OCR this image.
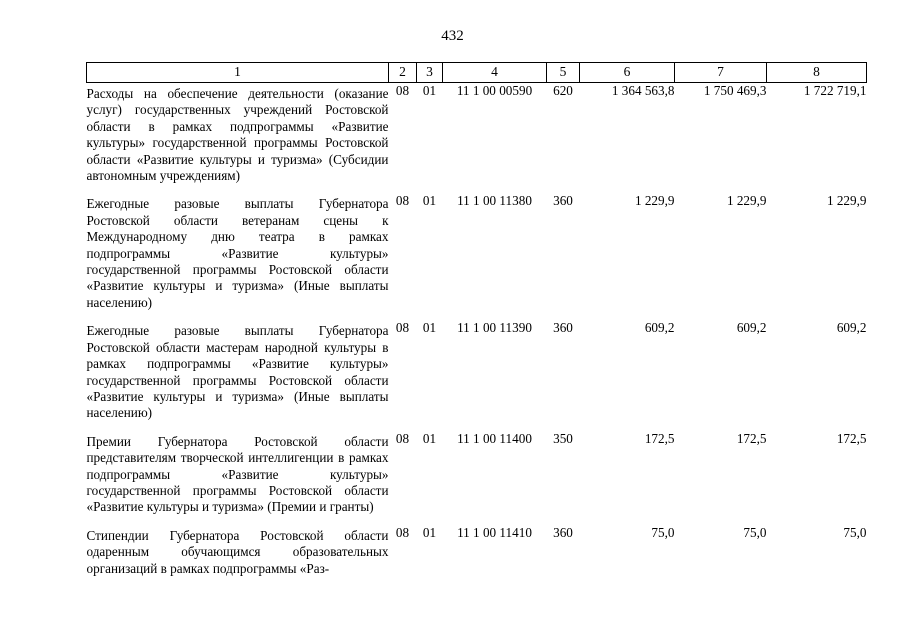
432
1	2	3	4	5	6	7	8

Расходы на обеспечение деятельности (оказание услуг) государственных учреждений Ростовской области в рамках подпрограммы «Развитие культуры» государственной программы Ростовской области «Развитие культуры и туризма» (Субсидии автономным учреждениям)	08	01	11 1 00 00590	620	1 364 563,8	1 750 469,3	1 722 719,1

Ежегодные разовые выплаты Губернатора Ростовской области ветеранам сцены к Международному дню театра в рамках подпрограммы «Развитие культуры» государственной программы Ростовской области «Развитие культуры и туризма» (Иные выплаты населению)	08	01	11 1 00 11380	360	1 229,9	1 229,9	1 229,9

Ежегодные разовые выплаты Губернатора Ростовской области мастерам народной культуры в рамках подпрограммы «Развитие культуры» государственной программы Ростовской области «Развитие культуры и туризма» (Иные выплаты населению)	08	01	11 1 00 11390	360	609,2	609,2	609,2

Премии Губернатора Ростовской области представителям творческой интеллигенции в рамках подпрограммы «Развитие культуры» государственной программы Ростовской области «Развитие культуры и туризма» (Премии и гранты)	08	01	11 1 00 11400	350	172,5	172,5	172,5

Стипендии Губернатора Ростовской области одаренным обучающимся образовательных организаций в рамках подпрограммы «Раз-	08	01	11 1 00 11410	360	75,0	75,0	75,0
